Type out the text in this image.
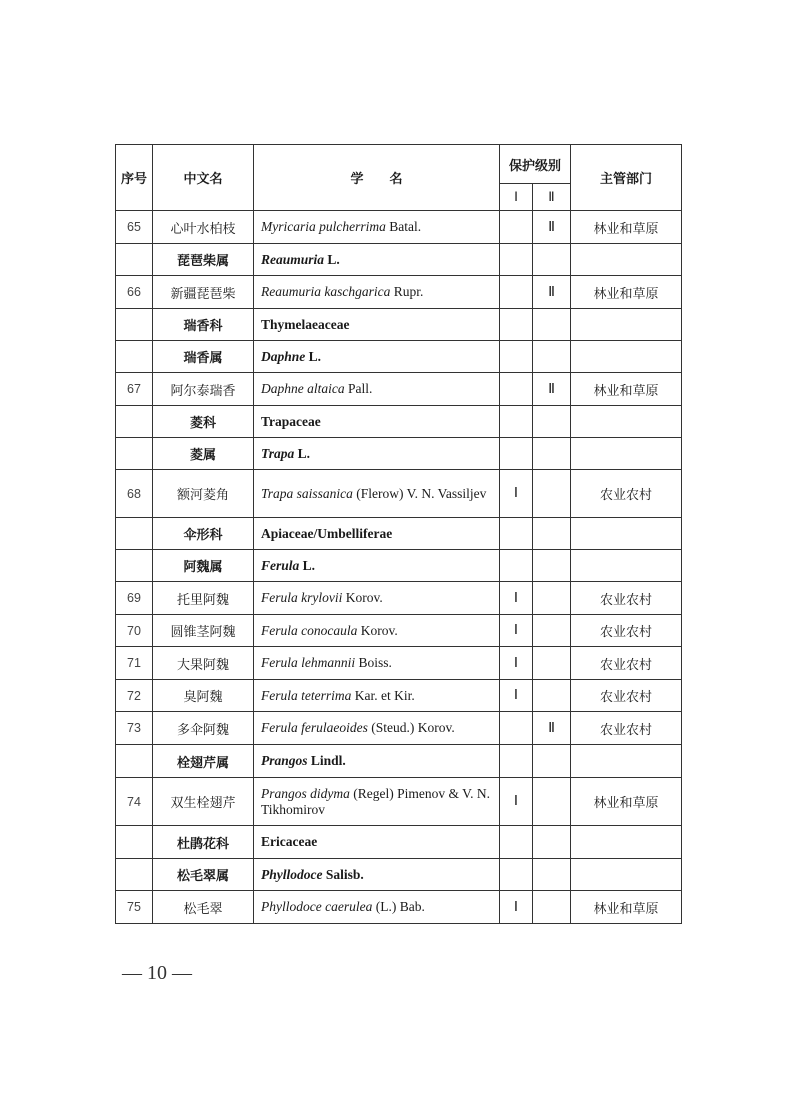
序号	中文名	学　　名	保护级别		主管部门
			Ⅰ	Ⅱ	
65	心叶水柏枝	Myricaria pulcherrima Batal.		Ⅱ	林业和草原
	琵琶柴属	Reaumuria L.			
66	新疆琵琶柴	Reaumuria kaschgarica Rupr.		Ⅱ	林业和草原
	瑞香科	Thymelaeaceae			
	瑞香属	Daphne L.			
67	阿尔泰瑞香	Daphne altaica Pall.		Ⅱ	林业和草原
	菱科	Trapaceae			
	菱属	Trapa L.			
68	额河菱角	Trapa saissanica (Flerow) V. N. Vassiljev	Ⅰ		农业农村
	伞形科	Apiaceae/Umbelliferae			
	阿魏属	Ferula L.			
69	托里阿魏	Ferula krylovii Korov.	Ⅰ		农业农村
70	圆锥茎阿魏	Ferula conocaula Korov.	Ⅰ		农业农村
71	大果阿魏	Ferula lehmannii Boiss.	Ⅰ		农业农村
72	臭阿魏	Ferula teterrima Kar. et Kir.	Ⅰ		农业农村
73	多伞阿魏	Ferula ferulaeoides (Steud.) Korov.		Ⅱ	农业农村
	栓翅芹属	Prangos Lindl.			
74	双生栓翅芹	Prangos didyma (Regel) Pimenov & V. N. Tikhomirov	Ⅰ		林业和草原
	杜鹃花科	Ericaceae			
	松毛翠属	Phyllodoce Salisb.			
75	松毛翠	Phyllodoce caerulea (L.) Bab.	Ⅰ		林业和草原
— 10 —
